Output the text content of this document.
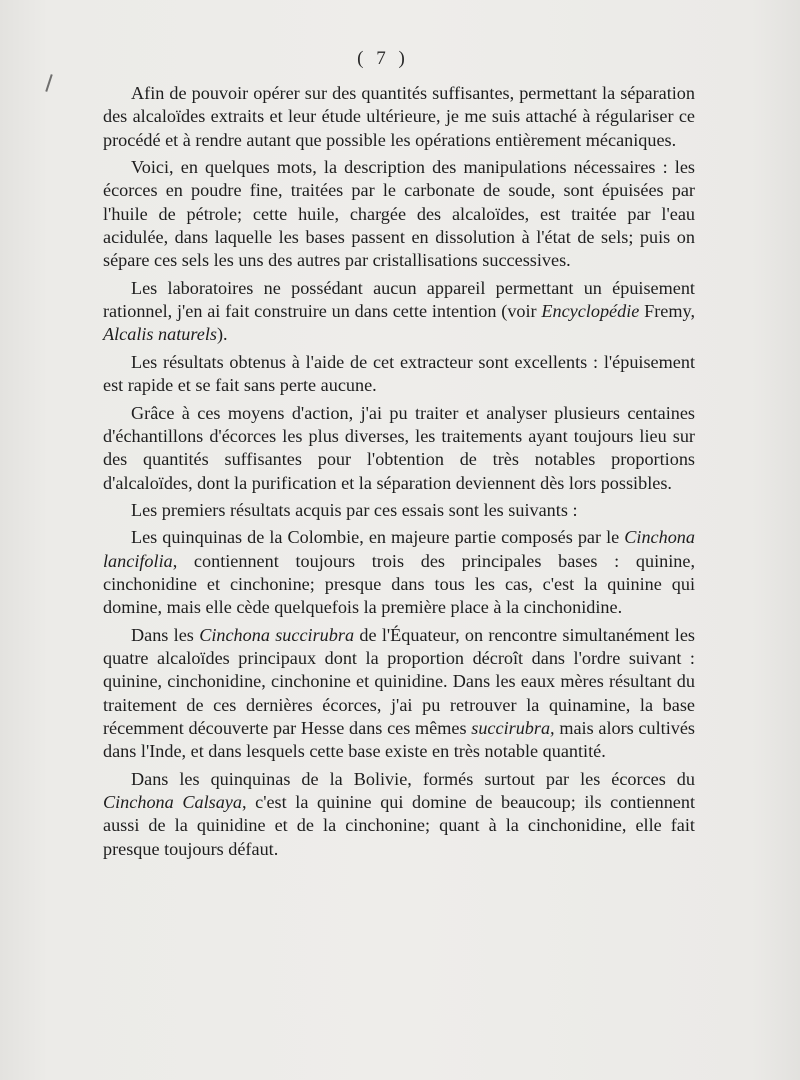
( 7 )

Afin de pouvoir opérer sur des quantités suffisantes, permettant la séparation des alcaloïdes extraits et leur étude ultérieure, je me suis attaché à régulariser ce procédé et à rendre autant que possible les opérations entièrement mécaniques.

Voici, en quelques mots, la description des manipulations nécessaires : les écorces en poudre fine, traitées par le carbonate de soude, sont épuisées par l'huile de pétrole; cette huile, chargée des alcaloïdes, est traitée par l'eau acidulée, dans laquelle les bases passent en dissolution à l'état de sels; puis on sépare ces sels les uns des autres par cristallisations successives.

Les laboratoires ne possédant aucun appareil permettant un épuisement rationnel, j'en ai fait construire un dans cette intention (voir Encyclopédie Fremy, Alcalis naturels).

Les résultats obtenus à l'aide de cet extracteur sont excellents : l'épuisement est rapide et se fait sans perte aucune.

Grâce à ces moyens d'action, j'ai pu traiter et analyser plusieurs centaines d'échantillons d'écorces les plus diverses, les traitements ayant toujours lieu sur des quantités suffisantes pour l'obtention de très notables proportions d'alcaloïdes, dont la purification et la séparation deviennent dès lors possibles.

Les premiers résultats acquis par ces essais sont les suivants :

Les quinquinas de la Colombie, en majeure partie composés par le Cinchona lancifolia, contiennent toujours trois des principales bases : quinine, cinchonidine et cinchonine; presque dans tous les cas, c'est la quinine qui domine, mais elle cède quelquefois la première place à la cinchonidine.

Dans les Cinchona succirubra de l'Équateur, on rencontre simultanément les quatre alcaloïdes principaux dont la proportion décroît dans l'ordre suivant : quinine, cinchonidine, cinchonine et quinidine. Dans les eaux mères résultant du traitement de ces dernières écorces, j'ai pu retrouver la quinamine, la base récemment découverte par Hesse dans ces mêmes succirubra, mais alors cultivés dans l'Inde, et dans lesquels cette base existe en très notable quantité.

Dans les quinquinas de la Bolivie, formés surtout par les écorces du Cinchona Calsaya, c'est la quinine qui domine de beaucoup; ils contiennent aussi de la quinidine et de la cinchonine; quant à la cinchonidine, elle fait presque toujours défaut.
